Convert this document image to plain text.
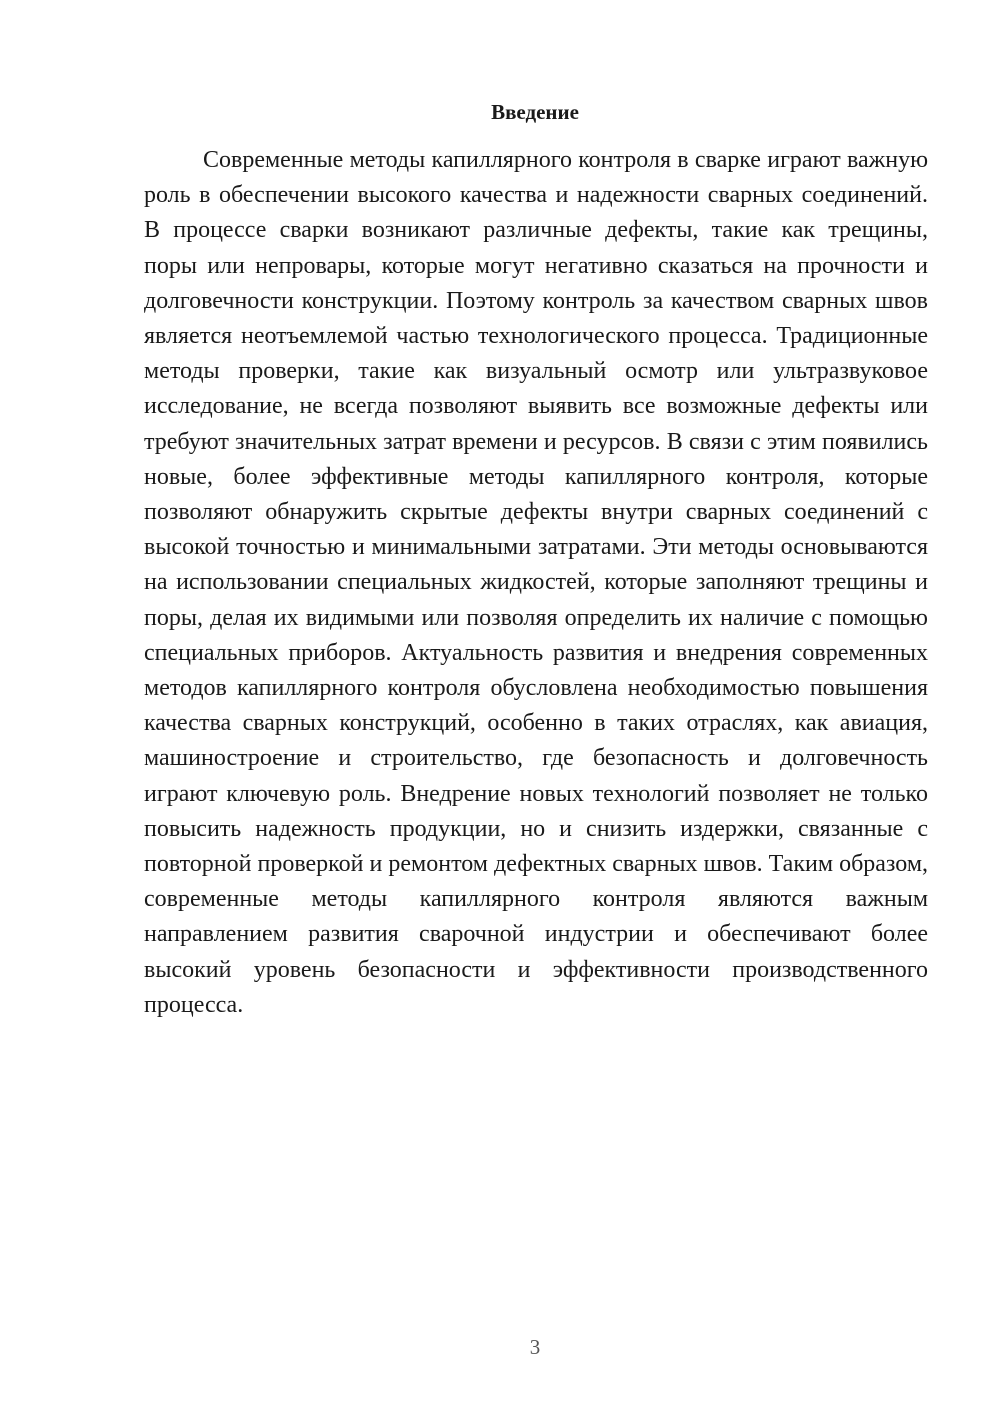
Введение

Современные методы капиллярного контроля в сварке играют важную роль в обеспечении высокого качества и надежности сварных соединений. В процессе сварки возникают различные дефекты, такие как трещины, поры или непровары, которые могут негативно сказаться на прочности и долговечности конструкции. Поэтому контроль за качеством сварных швов является неотъемлемой частью технологического процесса. Традиционные методы проверки, такие как визуальный осмотр или ультразвуковое исследование, не всегда позволяют выявить все возможные дефекты или требуют значительных затрат времени и ресурсов. В связи с этим появились новые, более эффективные методы капиллярного контроля, которые позволяют обнаружить скрытые дефекты внутри сварных соединений с высокой точностью и минимальными затратами. Эти методы основываются на использовании специальных жидкостей, которые заполняют трещины и поры, делая их видимыми или позволяя определить их наличие с помощью специальных приборов. Актуальность развития и внедрения современных методов капиллярного контроля обусловлена необходимостью повышения качества сварных конструкций, особенно в таких отраслях, как авиация, машиностроение и строительство, где безопасность и долговечность играют ключевую роль. Внедрение новых технологий позволяет не только повысить надежность продукции, но и снизить издержки, связанные с повторной проверкой и ремонтом дефектных сварных швов. Таким образом, современные методы капиллярного контроля являются важным направлением развития сварочной индустрии и обеспечивают более высокий уровень безопасности и эффективности производственного процесса.

3
